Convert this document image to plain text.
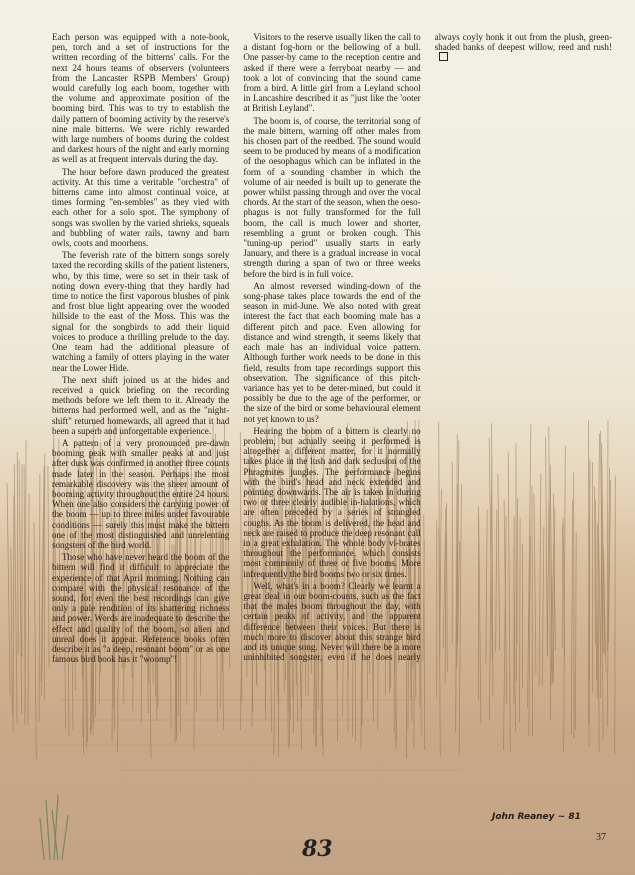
Each person was equipped with a note-book, pen, torch and a set of instructions for the written recording of the bitterns' calls. For the next 24 hours teams of observers (volunteers from the Lancaster RSPB Members' Group) would carefully log each boom, together with the volume and approximate position of the booming bird. This was to try to establish the daily pattern of booming activity by the reserve's nine male bitterns. We were richly rewarded with large numbers of booms during the coldest and darkest hours of the night and early morning as well as at frequent intervals during the day.

The hour before dawn produced the greatest activity. At this time a veritable "orchestra" of bitterns came into almost continual voice, at times forming "en-sembles" as they vied with each other for a solo spot. The symphony of songs was swollen by the varied shrieks, squeals and bubbling of water rails, tawny and barn owls, coots and moorhens.

The feverish rate of the bittern songs sorely taxed the recording skills of the patient listeners, who, by this time, were so set in their task of noting down every-thing that they hardly had time to notice the first vaporous blushes of pink and frost blue light appearing over the wooded hillside to the east of the Moss. This was the signal for the songbirds to add their liquid voices to produce a thrilling prelude to the day. One team had the additional pleasure of watching a family of otters playing in the water near the Lower Hide.

The next shift joined us at the hides and received a quick briefing on the recording methods before we left them to it. Already the bitterns had performed well, and as the "night-shift" returned homewards, all agreed that it had been a superb and unforgettable experience.

A pattern of a very pronounced pre-dawn booming peak with smaller peaks at and just after dusk was confirmed in another three counts made later in the season. Perhaps the most remarkable discovery was the sheer amount of booming activity throughout the entire 24 hours. When one also considers the carrying power of the boom — up to three miles under favourable conditions — surely this must make the bittern one of the most distinguished and unrelenting songsters of the bird world.

Those who have never heard the boom of the bittern will find it difficult to appreciate the experience of that April morning. Nothing can compare with the physical resonance of the sound, for even the best recordings can give only a pale rendition of its shattering richness and power. Words are inadequate to describe the effect and quality of the boom, so alien and unreal does it appear. Reference books often describe it as "a deep, resonant boom" or as one famous bird book has it "woomp"!

Visitors to the reserve usually liken the call to a distant fog-horn or the bellowing of a bull. One passer-by came to the reception centre and asked if there were a ferryboat nearby — and took a lot of convincing that the sound came from a bird. A little girl from a Leyland school in Lancashire described it as "just like the 'ooter at British Leyland".

The boom is, of course, the territorial song of the male bittern, warning off other males from his chosen part of the reedbed. The sound would seem to be produced by means of a modification of the oesophagus which can be inflated in the form of a sounding chamber in which the volume of air needed is built up to generate the power whilst passing through and over the vocal chords. At the start of the season, when the oeso-phagus is not fully transformed for the full boom, the call is much lower and shorter, resembling a grunt or broken cough. This "tuning-up period" usually starts in early January, and there is a gradual increase in vocal strength during a span of two or three weeks before the bird is in full voice.

An almost reversed winding-down of the song-phase takes place towards the end of the season in mid-June. We also noted with great interest the fact that each booming male has a different pitch and pace. Even allowing for distance and wind strength, it seems likely that each male has an individual voice pattern. Although further work needs to be done in this field, results from tape recordings support this observation. The significance of this pitch-variance has yet to be deter-mined, but could it possibly be due to the age of the performer, or the size of the bird or some behavioural element not yet known to us?

Hearing the boom of a bittern is clearly no problem, but actually seeing it performed is altogether a different matter, for it normally takes place in the lush and dark seclusion of the Phragmites jungles. The performance begins with the bird's head and neck extended and pointing downwards. The air is taken in during two or three clearly audible in-halations, which are often preceded by a series of strangled coughs. As the boom is delivered, the head and neck are raised to produce the deep resonant call in a great exhalation. The whole body vi-brates throughout the performance, which consists most commonly of three or five booms. More infrequently the bird booms two or six times.

Well, what's in a boom? Clearly we learnt a great deal in our boom-counts, such as the fact that the males boom throughout the day, with certain peaks of activity, and the apparent difference between their voices. But there is much more to discover about this strange bird and its unique song. Never will there be a more uninhibited songster, even if he does nearly always coyly honk it out from the plush, green-shaded banks of deepest willow, reed and rush!

John Reaney ~ 81
83	37
